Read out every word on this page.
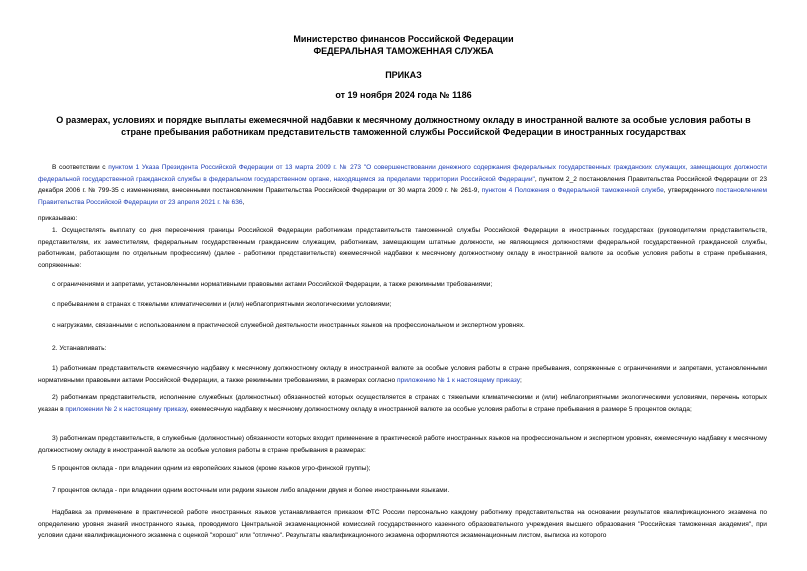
Министерство финансов Российской Федерации
ФЕДЕРАЛЬНАЯ ТАМОЖЕННАЯ СЛУЖБА
ПРИКАЗ
от 19 ноября 2024 года № 1186
О размерах, условиях и порядке выплаты ежемесячной надбавки к месячному должностному окладу в иностранной валюте за особые условия работы в стране пребывания работникам представительств таможенной службы Российской Федерации в иностранных государствах
В соответствии с пунктом 1 Указа Президента Российской Федерации от 13 марта 2009 г. № 273 "О совершенствовании денежного содержания федеральных государственных гражданских служащих, замещающих должности федеральной государственной гражданской службы в федеральном государственном органе, находящемся за пределами территории Российской Федерации", пунктом 2_2 постановления Правительства Российской Федерации от 23 декабря 2006 г. № 799-35 с изменениями, внесенными постановлением Правительства Российской Федерации от 30 марта 2009 г. № 261-9, пунктом 4 Положения о Федеральной таможенной службе, утвержденного постановлением Правительства Российской Федерации от 23 апреля 2021 г. № 636,
приказываю:
1. Осуществлять выплату со дня пересечения границы Российской Федерации работникам представительств таможенной службы Российской Федерации в иностранных государствах (руководителям представительств, представителям, их заместителям, федеральным государственным гражданским служащим, работникам, замещающим штатные должности, не являющиеся должностями федеральной государственной гражданской службы, работникам, работающим по отдельным профессиям) (далее - работники представительств) ежемесячной надбавки к месячному должностному окладу в иностранной валюте за особые условия работы в стране пребывания, сопряженные:
с ограничениями и запретами, установленными нормативными правовыми актами Российской Федерации, а также режимными требованиями;
с пребыванием в странах с тяжелыми климатическими и (или) неблагоприятными экологическими условиями;
с нагрузками, связанными с использованием в практической служебной деятельности иностранных языков на профессиональном и экспертном уровнях.
2. Устанавливать:
1) работникам представительств ежемесячную надбавку к месячному должностному окладу в иностранной валюте за особые условия работы в стране пребывания, сопряженные с ограничениями и запретами, установленными нормативными правовыми актами Российской Федерации, а также режимными требованиями, в размерах согласно приложению № 1 к настоящему приказу;
2) работникам представительств, исполнение служебных (должностных) обязанностей которых осуществляется в странах с тяжелыми климатическими и (или) неблагоприятными экологическими условиями, перечень которых указан в приложении № 2 к настоящему приказу, ежемесячную надбавку к месячному должностному окладу в иностранной валюте за особые условия работы в стране пребывания в размере 5 процентов оклада;
3) работникам представительств, в служебные (должностные) обязанности которых входит применение в практической работе иностранных языков на профессиональном и экспертном уровнях, ежемесячную надбавку к месячному должностному окладу в иностранной валюте за особые условия работы в стране пребывания в размерах:
5 процентов оклада - при владении одним из европейских языков (кроме языков угро-финской группы);
7 процентов оклада - при владении одним восточным или редким языком либо владении двумя и более иностранными языками.
Надбавка за применение в практической работе иностранных языков устанавливается приказом ФТС России персонально каждому работнику представительства на основании результатов квалификационного экзамена по определению уровня знаний иностранного языка, проводимого Центральной экзаменационной комиссией государственного казенного образовательного учреждения высшего образования "Российская таможенная академия", при условии сдачи квалификационного экзамена с оценкой "хорошо" или "отлично". Результаты квалификационного экзамена оформляются экзаменационным листом, выписка из которого
